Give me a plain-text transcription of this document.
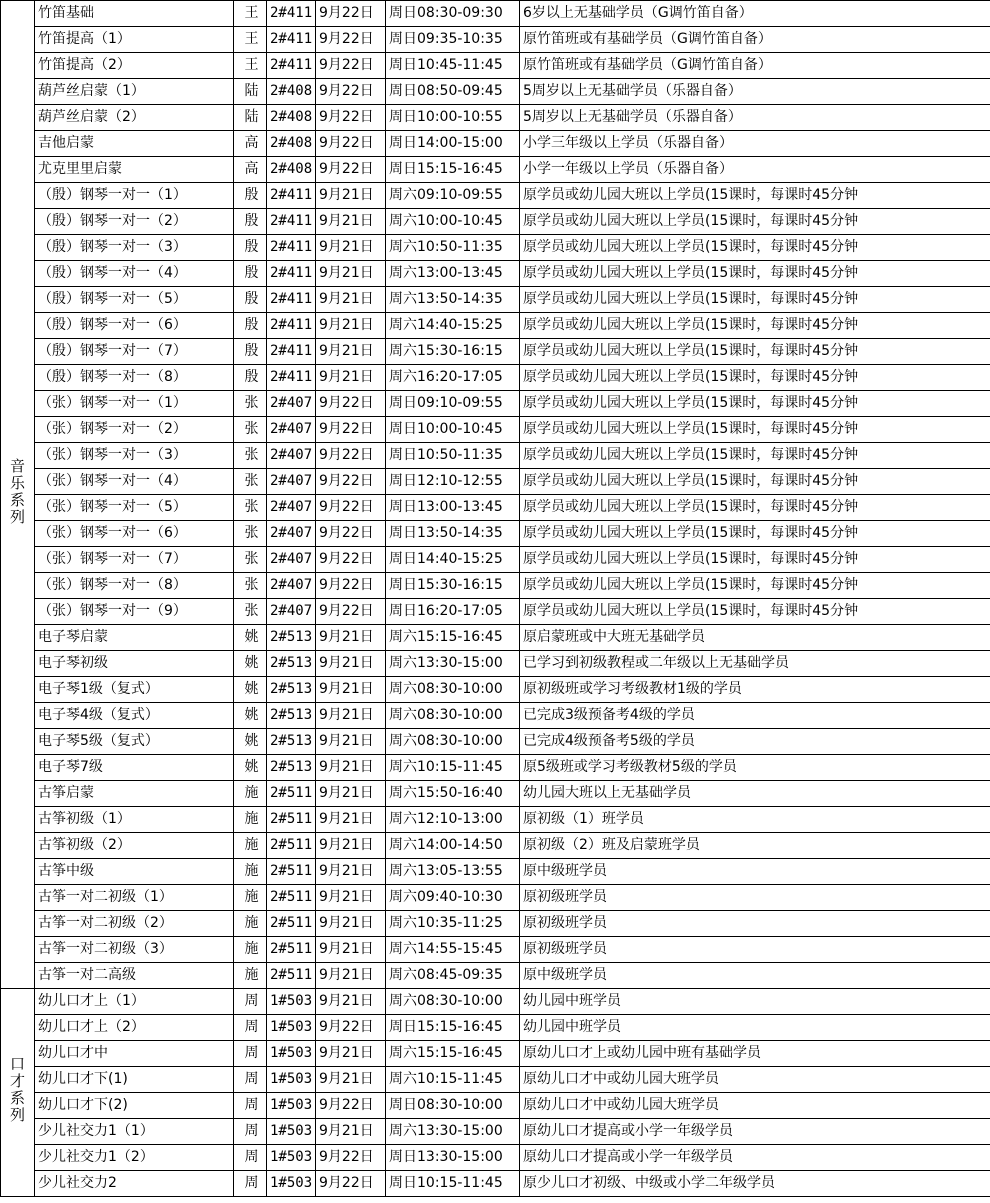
音乐系列	竹笛基础	王	2#411	9月22日	周日08:30-09:30	6岁以上无基础学员（G调竹笛自备）
	竹笛提高（1）	王	2#411	9月22日	周日09:35-10:35	原竹笛班或有基础学员（G调竹笛自备）
	竹笛提高（2）	王	2#411	9月22日	周日10:45-11:45	原竹笛班或有基础学员（G调竹笛自备）
	葫芦丝启蒙（1）	陆	2#408	9月22日	周日08:50-09:45	5周岁以上无基础学员（乐器自备）
	葫芦丝启蒙（2）	陆	2#408	9月22日	周日10:00-10:55	5周岁以上无基础学员（乐器自备）
	吉他启蒙	高	2#408	9月22日	周日14:00-15:00	小学三年级以上学员（乐器自备）
	尤克里里启蒙	高	2#408	9月22日	周日15:15-16:45	小学一年级以上学员（乐器自备）
	（殷）钢琴一对一（1）	殷	2#411	9月21日	周六09:10-09:55	原学员或幼儿园大班以上学员(15课时，每课时45分钟
	（殷）钢琴一对一（2）	殷	2#411	9月21日	周六10:00-10:45	原学员或幼儿园大班以上学员(15课时，每课时45分钟
	（殷）钢琴一对一（3）	殷	2#411	9月21日	周六10:50-11:35	原学员或幼儿园大班以上学员(15课时，每课时45分钟
	（殷）钢琴一对一（4）	殷	2#411	9月21日	周六13:00-13:45	原学员或幼儿园大班以上学员(15课时，每课时45分钟
	（殷）钢琴一对一（5）	殷	2#411	9月21日	周六13:50-14:35	原学员或幼儿园大班以上学员(15课时，每课时45分钟
	（殷）钢琴一对一（6）	殷	2#411	9月21日	周六14:40-15:25	原学员或幼儿园大班以上学员(15课时，每课时45分钟
	（殷）钢琴一对一（7）	殷	2#411	9月21日	周六15:30-16:15	原学员或幼儿园大班以上学员(15课时，每课时45分钟
	（殷）钢琴一对一（8）	殷	2#411	9月21日	周六16:20-17:05	原学员或幼儿园大班以上学员(15课时，每课时45分钟
	（张）钢琴一对一（1）	张	2#407	9月22日	周日09:10-09:55	原学员或幼儿园大班以上学员(15课时，每课时45分钟
	（张）钢琴一对一（2）	张	2#407	9月22日	周日10:00-10:45	原学员或幼儿园大班以上学员(15课时，每课时45分钟
	（张）钢琴一对一（3）	张	2#407	9月22日	周日10:50-11:35	原学员或幼儿园大班以上学员(15课时，每课时45分钟
	（张）钢琴一对一（4）	张	2#407	9月22日	周日12:10-12:55	原学员或幼儿园大班以上学员(15课时，每课时45分钟
	（张）钢琴一对一（5）	张	2#407	9月22日	周日13:00-13:45	原学员或幼儿园大班以上学员(15课时，每课时45分钟
	（张）钢琴一对一（6）	张	2#407	9月22日	周日13:50-14:35	原学员或幼儿园大班以上学员(15课时，每课时45分钟
	（张）钢琴一对一（7）	张	2#407	9月22日	周日14:40-15:25	原学员或幼儿园大班以上学员(15课时，每课时45分钟
	（张）钢琴一对一（8）	张	2#407	9月22日	周日15:30-16:15	原学员或幼儿园大班以上学员(15课时，每课时45分钟
	（张）钢琴一对一（9）	张	2#407	9月22日	周日16:20-17:05	原学员或幼儿园大班以上学员(15课时，每课时45分钟
	电子琴启蒙	姚	2#513	9月21日	周六15:15-16:45	原启蒙班或中大班无基础学员
	电子琴初级	姚	2#513	9月21日	周六13:30-15:00	已学习到初级教程或二年级以上无基础学员
	电子琴1级（复式）	姚	2#513	9月21日	周六08:30-10:00	原初级班或学习考级教材1级的学员
	电子琴4级（复式）	姚	2#513	9月21日	周六08:30-10:00	已完成3级预备考4级的学员
	电子琴5级（复式）	姚	2#513	9月21日	周六08:30-10:00	已完成4级预备考5级的学员
	电子琴7级	姚	2#513	9月21日	周六10:15-11:45	原5级班或学习考级教材5级的学员
	古筝启蒙	施	2#511	9月21日	周六15:50-16:40	幼儿园大班以上无基础学员
	古筝初级（1）	施	2#511	9月21日	周六12:10-13:00	原初级（1）班学员
	古筝初级（2）	施	2#511	9月21日	周六14:00-14:50	原初级（2）班及启蒙班学员
	古筝中级	施	2#511	9月21日	周六13:05-13:55	原中级班学员
	古筝一对二初级（1）	施	2#511	9月21日	周六09:40-10:30	原初级班学员
	古筝一对二初级（2）	施	2#511	9月21日	周六10:35-11:25	原初级班学员
	古筝一对二初级（3）	施	2#511	9月21日	周六14:55-15:45	原初级班学员
	古筝一对二高级	施	2#511	9月21日	周六08:45-09:35	原中级班学员
口才系列	幼儿口才上（1）	周	1#503	9月21日	周六08:30-10:00	幼儿园中班学员
	幼儿口才上（2）	周	1#503	9月22日	周日15:15-16:45	幼儿园中班学员
	幼儿口才中	周	1#503	9月21日	周六15:15-16:45	原幼儿口才上或幼儿园中班有基础学员
	幼儿口才下(1)	周	1#503	9月21日	周六10:15-11:45	原幼儿口才中或幼儿园大班学员
	幼儿口才下(2)	周	1#503	9月22日	周日08:30-10:00	原幼儿口才中或幼儿园大班学员
	少儿社交力1（1）	周	1#503	9月21日	周六13:30-15:00	原幼儿口才提高或小学一年级学员
	少儿社交力1（2）	周	1#503	9月22日	周日13:30-15:00	原幼儿口才提高或小学一年级学员
	少儿社交力2	周	1#503	9月22日	周日10:15-11:45	原少儿口才初级、中级或小学二年级学员
